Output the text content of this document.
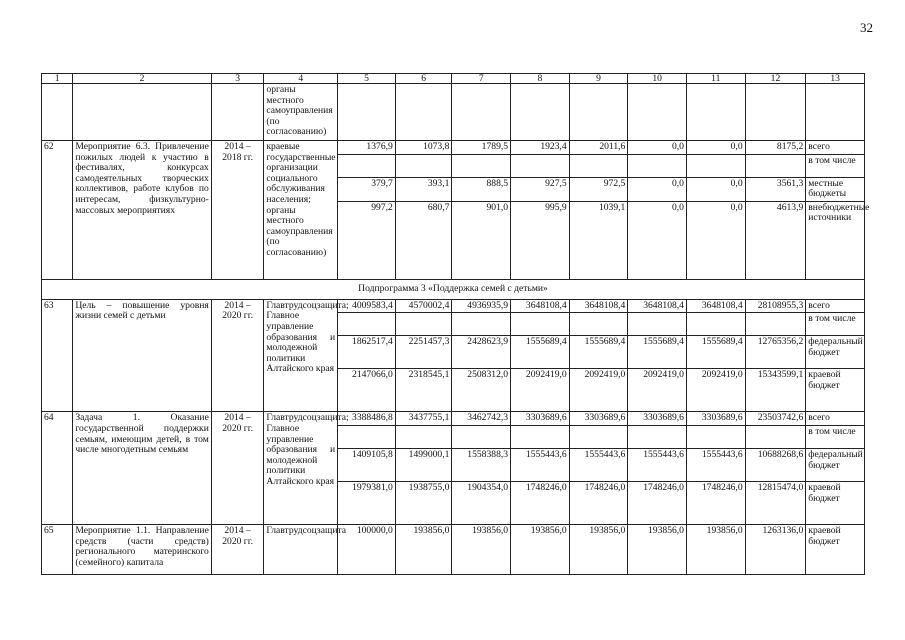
32
1	2	3	4	5	6	7	8	9	10	11	12	13
			органы местного самоуправления (по согласованию)									
62	Мероприятие 6.3. Привлечение пожилых людей к участию в фестивалях, конкурсах самодеятельных творческих коллективов, работе клубов по интересам, физкультурно-массовых мероприятиях	2014 – 2018 гг.	краевые государственные организации социального обслуживания населения; органы местного самоуправления (по согласованию)	1376,9	1073,8	1789,5	1923,4	2011,6	0,0	0,0	8175,2	всего
												в том числе
				379,7	393,1	888,5	927,5	972,5	0,0	0,0	3561,3	местные бюджеты
				997,2	680,7	901,0	995,9	1039,1	0,0	0,0	4613,9	внебюджетные источники
Подпрограмма 3 «Поддержка семей с детьми»												
63	Цель – повышение уровня жизни семей с детьми	2014 – 2020 гг.	Главтрудсоцзащита; Главное управление образования и молодежной политики Алтайского края	4009583,4	4570002,4	4936935,9	3648108,4	3648108,4	3648108,4	3648108,4	28108955,3	всего
												в том числе
				1862517,4	2251457,3	2428623,9	1555689,4	1555689,4	1555689,4	1555689,4	12765356,2	федеральный бюджет
				2147066,0	2318545,1	2508312,0	2092419,0	2092419,0	2092419,0	2092419,0	15343599,1	краевой бюджет
64	Задача 1. Оказание государственной поддержки семьям, имеющим детей, в том числе многодетным семьям	2014 – 2020 гг.	Главтрудсоцзащита; Главное управление образования и молодежной политики Алтайского края	3388486,8	3437755,1	3462742,3	3303689,6	3303689,6	3303689,6	3303689,6	23503742,6	всего
												в том числе
				1409105,8	1499000,1	1558388,3	1555443,6	1555443,6	1555443,6	1555443,6	10688268,6	федеральный бюджет
				1979381,0	1938755,0	1904354,0	1748246,0	1748246,0	1748246,0	1748246,0	12815474,0	краевой бюджет
65	Мероприятие 1.1. Направление средств (части средств) регионального материнского (семейного) капитала	2014 – 2020 гг.	Главтрудсоцзащита	100000,0	193856,0	193856,0	193856,0	193856,0	193856,0	193856,0	1263136,0	краевой бюджет
